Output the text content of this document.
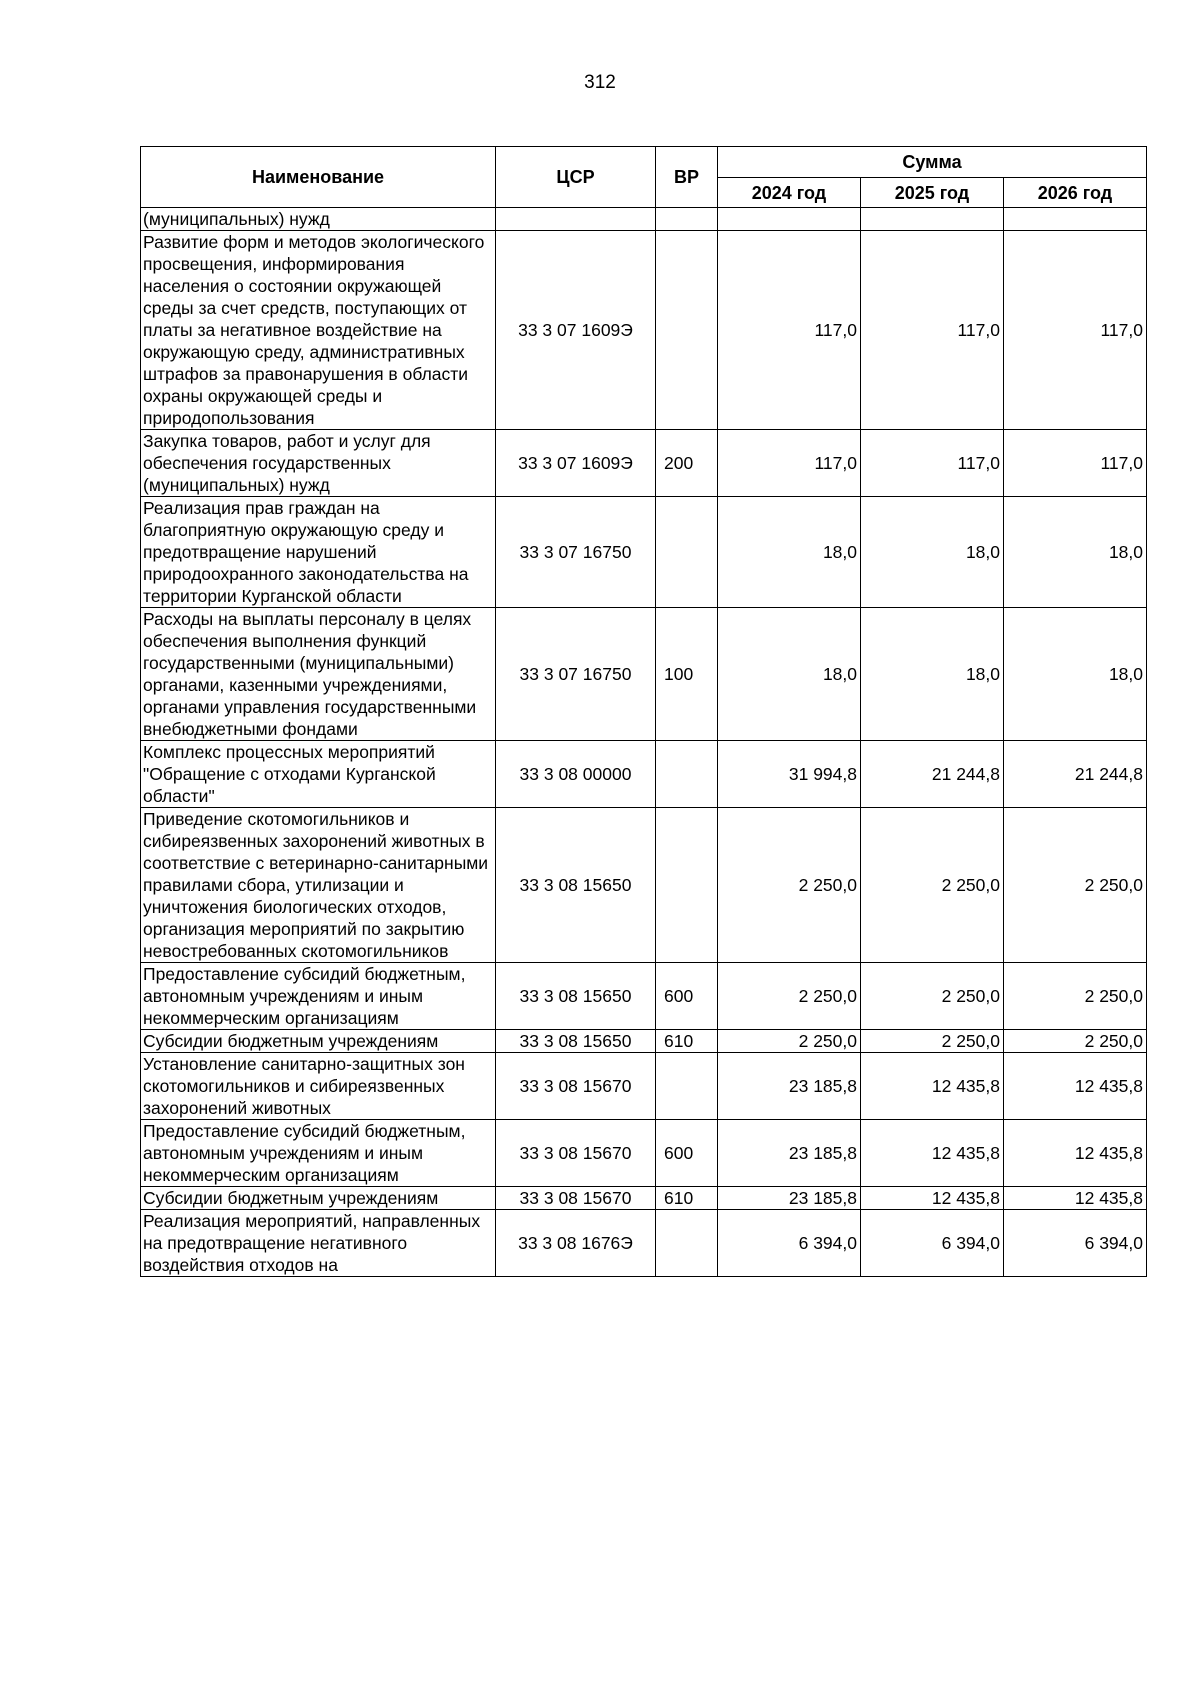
312
Наименование	ЦСР	ВР	Сумма		
			2024 год	2025 год	2026 год
(муниципальных) нужд					
Развитие форм и методов экологического просвещения, информирования населения о состоянии окружающей среды за счет средств, поступающих от платы за негативное воздействие на окружающую среду, административных штрафов за правонарушения в области охраны окружающей среды и природопользования	33 3 07 1609Э		117,0	117,0	117,0
Закупка товаров, работ и услуг для обеспечения государственных (муниципальных) нужд	33 3 07 1609Э	200	117,0	117,0	117,0
Реализация прав граждан на благоприятную окружающую среду и предотвращение нарушений природоохранного законодательства на территории Курганской области	33 3 07 16750		18,0	18,0	18,0
Расходы на выплаты персоналу в целях обеспечения выполнения функций государственными (муниципальными) органами, казенными учреждениями, органами управления государственными внебюджетными фондами	33 3 07 16750	100	18,0	18,0	18,0
Комплекс процессных мероприятий "Обращение с отходами Курганской области"	33 3 08 00000		31 994,8	21 244,8	21 244,8
Приведение скотомогильников и сибиреязвенных захоронений животных в соответствие с ветеринарно-санитарными правилами сбора, утилизации и уничтожения биологических отходов, организация мероприятий по закрытию невостребованных скотомогильников	33 3 08 15650		2 250,0	2 250,0	2 250,0
Предоставление субсидий бюджетным, автономным учреждениям и иным некоммерческим организациям	33 3 08 15650	600	2 250,0	2 250,0	2 250,0
Субсидии бюджетным учреждениям	33 3 08 15650	610	2 250,0	2 250,0	2 250,0
Установление санитарно-защитных зон скотомогильников и сибиреязвенных захоронений животных	33 3 08 15670		23 185,8	12 435,8	12 435,8
Предоставление субсидий бюджетным, автономным учреждениям и иным некоммерческим организациям	33 3 08 15670	600	23 185,8	12 435,8	12 435,8
Субсидии бюджетным учреждениям	33 3 08 15670	610	23 185,8	12 435,8	12 435,8
Реализация мероприятий, направленных на предотвращение негативного воздействия отходов на	33 3 08 1676Э		6 394,0	6 394,0	6 394,0
